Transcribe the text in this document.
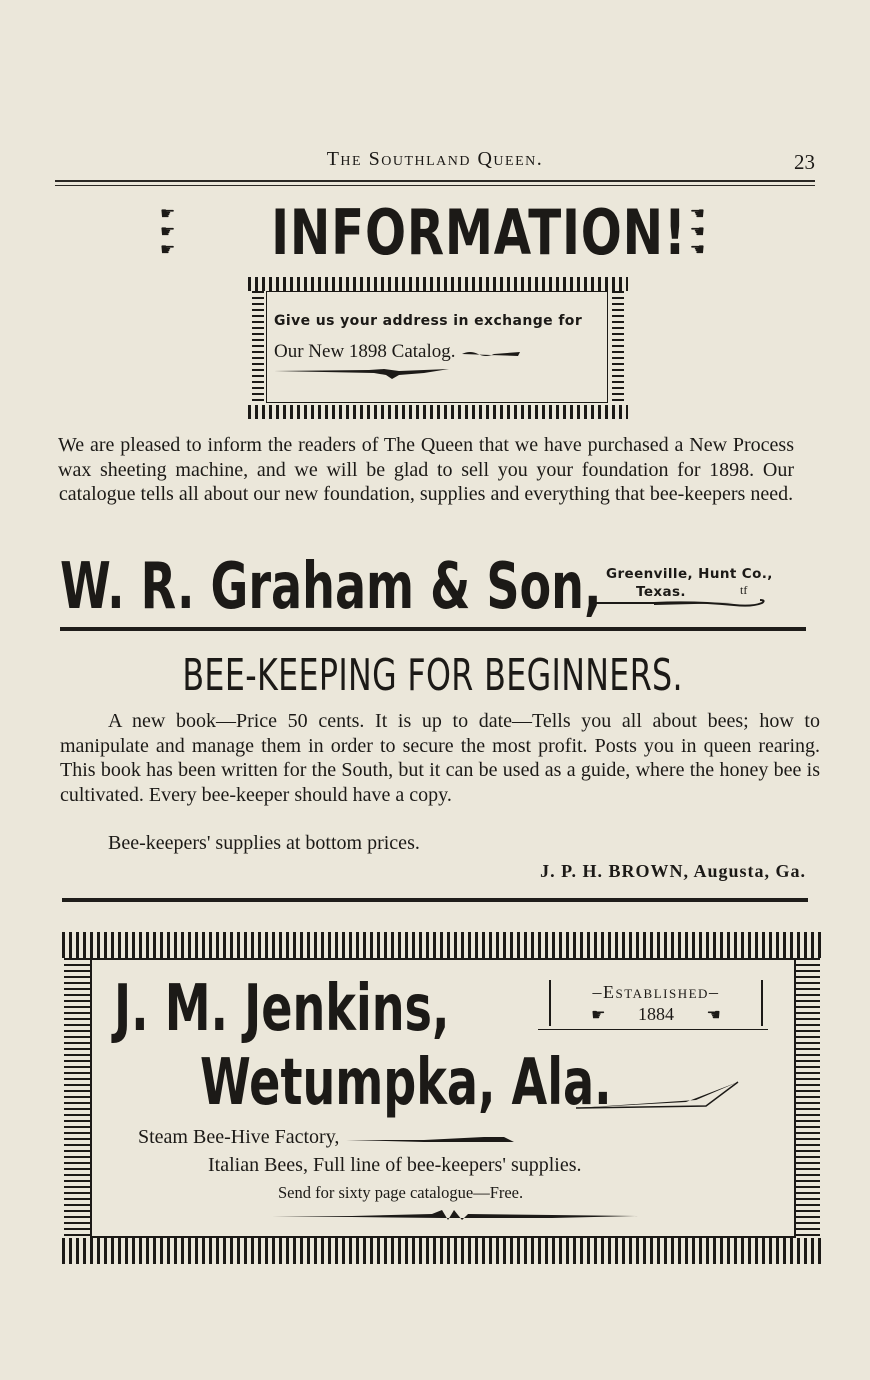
The Southland Queen.	23
☛
☛
☛	INFORMATION! ☚
☚
☚
Give us your address in exchange for
Our New 1898 Catalog.
We are pleased to inform the readers of The Queen that we have purchased a New Process wax sheeting machine, and we will be glad to sell you your foundation for 1898. Our catalogue tells all about our new foundation, supplies and everything that bee-keepers need.
W. R. Graham & Son, Greenville, Hunt Co.,
Texas.	tf
BEE-KEEPING FOR BEGINNERS.
A new book—Price 50 cents. It is up to date—Tells you all about bees; how to manipulate and manage them in order to secure the most profit. Posts you in queen rearing. This book has been written for the South, but it can be used as a guide, where the honey bee is cultivated. Every bee-keeper should have a copy.
Bee-keepers' supplies at bottom prices.
J. P. H. BROWN, Augusta, Ga.
J. M. Jenkins,	–Established–
☛ 1884 ☚
Wetumpka, Ala.
Steam Bee-Hive Factory,
Italian Bees, Full line of bee-keepers' supplies.
Send for sixty page catalogue—Free.
